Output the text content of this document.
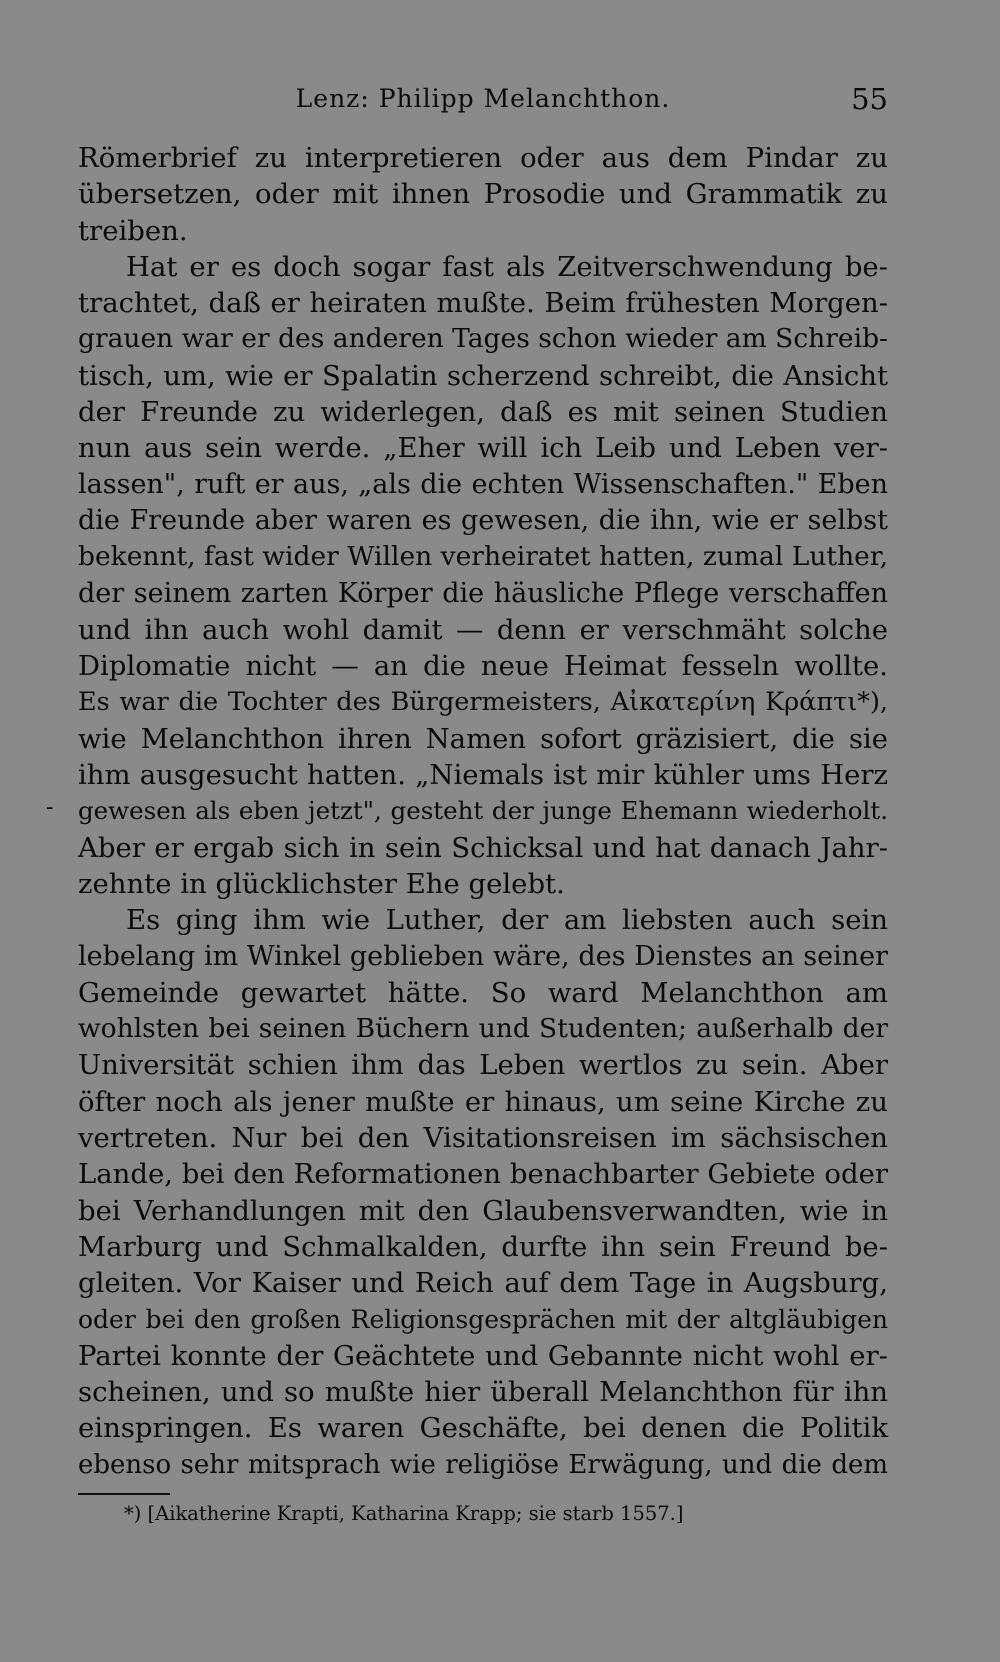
Lenz: Philipp Melanchthon.	55
Römerbrief zu interpretieren oder aus dem Pindar zu
übersetzen, oder mit ihnen Prosodie und Grammatik zu
treiben.
Hat er es doch sogar fast als Zeitverschwendung be-
trachtet, daß er heiraten mußte. Beim frühesten Morgen-
grauen war er des anderen Tages schon wieder am Schreib-
tisch, um, wie er Spalatin scherzend schreibt, die Ansicht
der Freunde zu widerlegen, daß es mit seinen Studien
nun aus sein werde. „Eher will ich Leib und Leben ver-
lassen", ruft er aus, „als die echten Wissenschaften." Eben
die Freunde aber waren es gewesen, die ihn, wie er selbst
bekennt, fast wider Willen verheiratet hatten, zumal Luther,
der seinem zarten Körper die häusliche Pflege verschaffen
und ihn auch wohl damit — denn er verschmäht solche
Diplomatie nicht — an die neue Heimat fesseln wollte.
Es war die Tochter des Bürgermeisters, Αἰκατερίνη Κράπτι*),
wie Melanchthon ihren Namen sofort gräzisiert, die sie
ihm ausgesucht hatten. „Niemals ist mir kühler ums Herz
gewesen als eben jetzt", gesteht der junge Ehemann wiederholt.
Aber er ergab sich in sein Schicksal und hat danach Jahr-
zehnte in glücklichster Ehe gelebt.
Es ging ihm wie Luther, der am liebsten auch sein
lebelang im Winkel geblieben wäre, des Dienstes an seiner
Gemeinde gewartet hätte. So ward Melanchthon am
wohlsten bei seinen Büchern und Studenten; außerhalb der
Universität schien ihm das Leben wertlos zu sein. Aber
öfter noch als jener mußte er hinaus, um seine Kirche zu
vertreten. Nur bei den Visitationsreisen im sächsischen
Lande, bei den Reformationen benachbarter Gebiete oder
bei Verhandlungen mit den Glaubensverwandten, wie in
Marburg und Schmalkalden, durfte ihn sein Freund be-
gleiten. Vor Kaiser und Reich auf dem Tage in Augsburg,
oder bei den großen Religionsgesprächen mit der altgläubigen
Partei konnte der Geächtete und Gebannte nicht wohl er-
scheinen, und so mußte hier überall Melanchthon für ihn
einspringen. Es waren Geschäfte, bei denen die Politik
ebenso sehr mitsprach wie religiöse Erwägung, und die dem
*) [Aikatherine Krapti, Katharina Krapp; sie starb 1557.]
-
